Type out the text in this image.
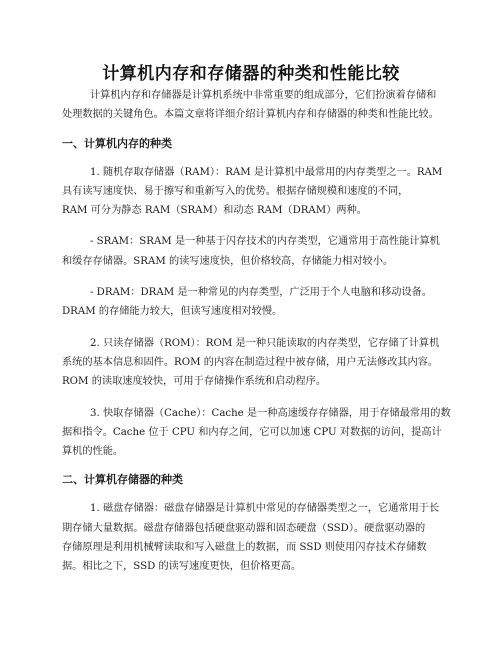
计算机内存和存储器的种类和性能比较
计算机内存和存储器是计算机系统中非常重要的组成部分，它们扮演着存储和
处理数据的关键角色。本篇文章将详细介绍计算机内存和存储器的种类和性能比较。
一、计算机内存的种类
1. 随机存取存储器（RAM）：RAM 是计算机中最常用的内存类型之一。RAM
具有读写速度快、易于擦写和重新写入的优势。根据存储规模和速度的不同，
RAM 可分为静态 RAM（SRAM）和动态 RAM（DRAM）两种。
- SRAM：SRAM 是一种基于闪存技术的内存类型，它通常用于高性能计算机
和缓存存储器。SRAM 的读写速度快，但价格较高，存储能力相对较小。
- DRAM：DRAM 是一种常见的内存类型，广泛用于个人电脑和移动设备。
DRAM 的存储能力较大，但读写速度相对较慢。
2. 只读存储器（ROM）：ROM 是一种只能读取的内存类型，它存储了计算机
系统的基本信息和固件。ROM 的内容在制造过程中被存储，用户无法修改其内容。
ROM 的读取速度较快，可用于存储操作系统和启动程序。
3. 快取存储器（Cache）：Cache 是一种高速缓存存储器，用于存储最常用的数
据和指令。Cache 位于 CPU 和内存之间，它可以加速 CPU 对数据的访问，提高计
算机的性能。
二、计算机存储器的种类
1. 磁盘存储器：磁盘存储器是计算机中常见的存储器类型之一，它通常用于长
期存储大量数据。磁盘存储器包括硬盘驱动器和固态硬盘（SSD）。硬盘驱动器的
存储原理是利用机械臂读取和写入磁盘上的数据，而 SSD 则使用闪存技术存储数
据。相比之下，SSD 的读写速度更快，但价格更高。
